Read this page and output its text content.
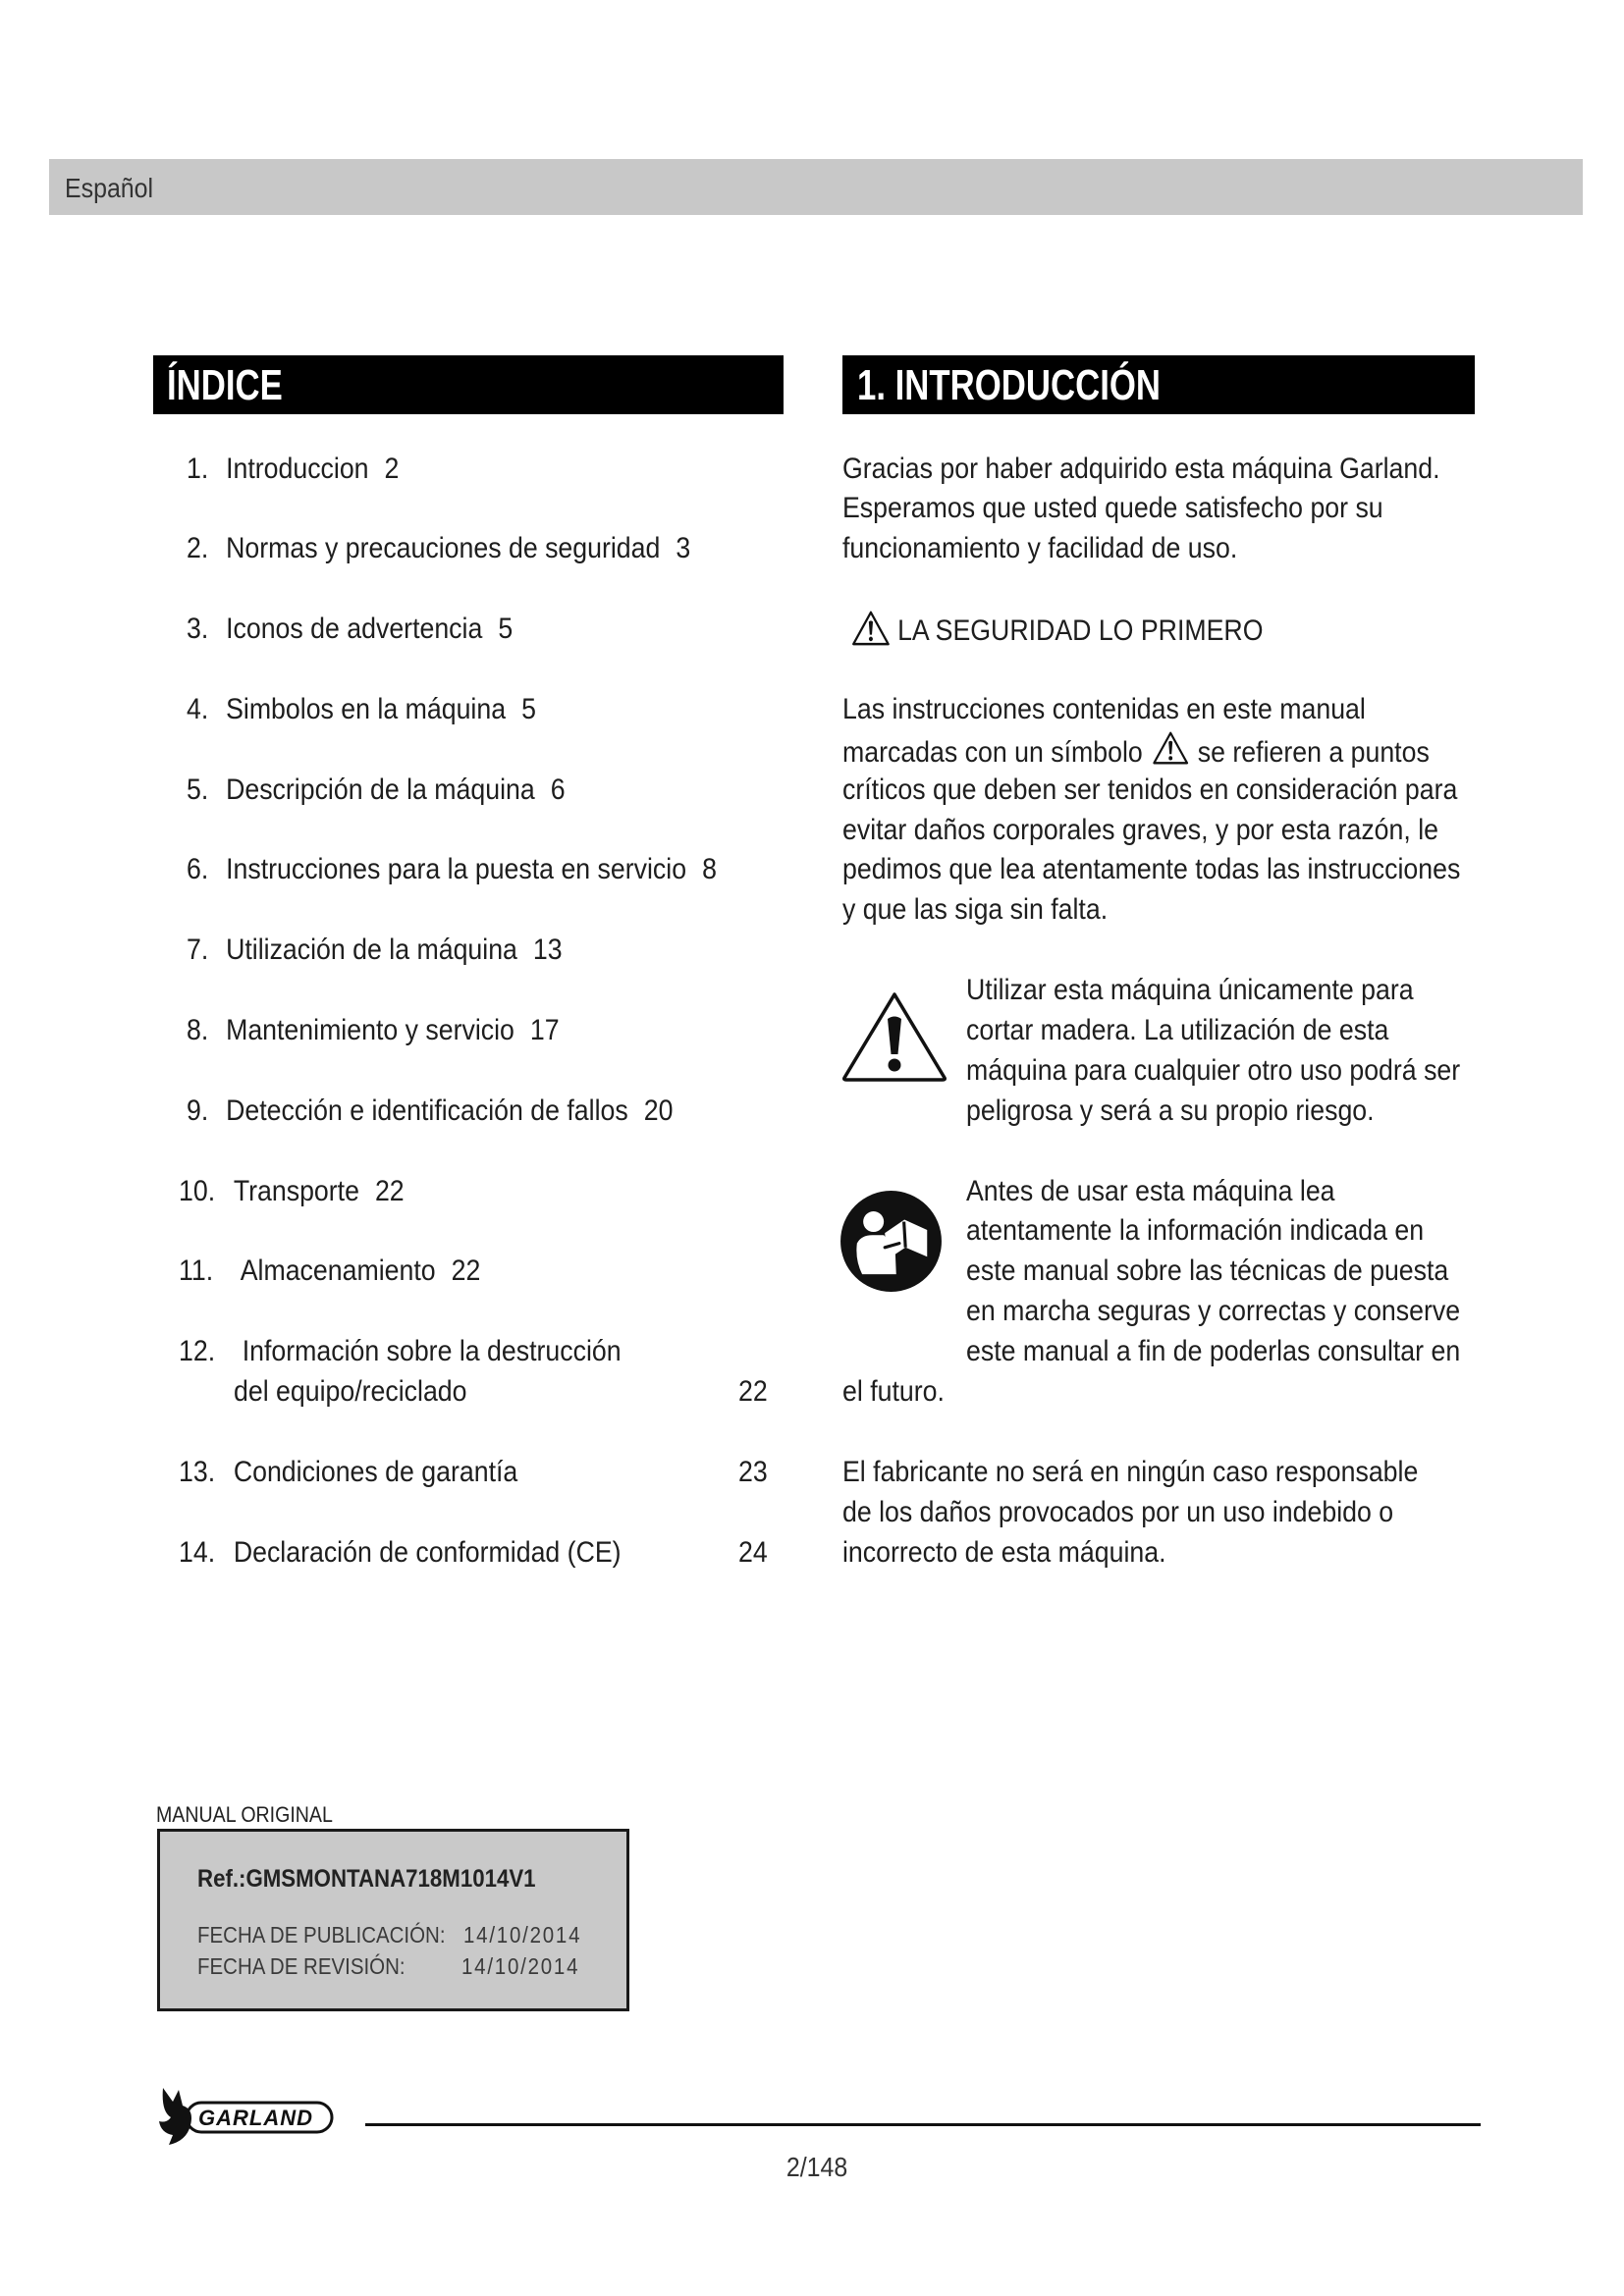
Español
ÍNDICE	1. INTRODUCCIÓN
1. Introduccion 2
2. Normas y precauciones de seguridad 3
3. Iconos de advertencia 5
4. Simbolos en la máquina 5
5. Descripción de la máquina 6
6. Instrucciones para la puesta en servicio 8
7. Utilización de la máquina 13
8. Mantenimiento y servicio 17
9. Detección e identificación de fallos 20
10. Transporte 22
11. Almacenamiento 22
12. Información sobre la destrucción
del equipo/reciclado	22
13. Condiciones de garantía	23
14. Declaración de conformidad (CE)	24
Gracias por haber adquirido esta máquina Garland.
Esperamos que usted quede satisfecho por su
funcionamiento y facilidad de uso.
LA SEGURIDAD LO PRIMERO
Las instrucciones contenidas en este manual
marcadas con un símbolo se refieren a puntos
críticos que deben ser tenidos en consideración para
evitar daños corporales graves, y por esta razón, le
pedimos que lea atentamente todas las instrucciones
y que las siga sin falta.
Utilizar esta máquina únicamente para
cortar madera. La utilización de esta
máquina para cualquier otro uso podrá ser
peligrosa y será a su propio riesgo.
Antes de usar esta máquina lea
atentamente la información indicada en
este manual sobre las técnicas de puesta
en marcha seguras y correctas y conserve
este manual a fin de poderlas consultar en
el futuro.
El fabricante no será en ningún caso responsable
de los daños provocados por un uso indebido o
incorrecto de esta máquina.
MANUAL ORIGINAL
Ref.:GMSMONTANA718M1014V1
FECHA DE PUBLICACIÓN: 14/10/2014
FECHA DE REVISIÓN:	14/10/2014
GARLAND
2/148
